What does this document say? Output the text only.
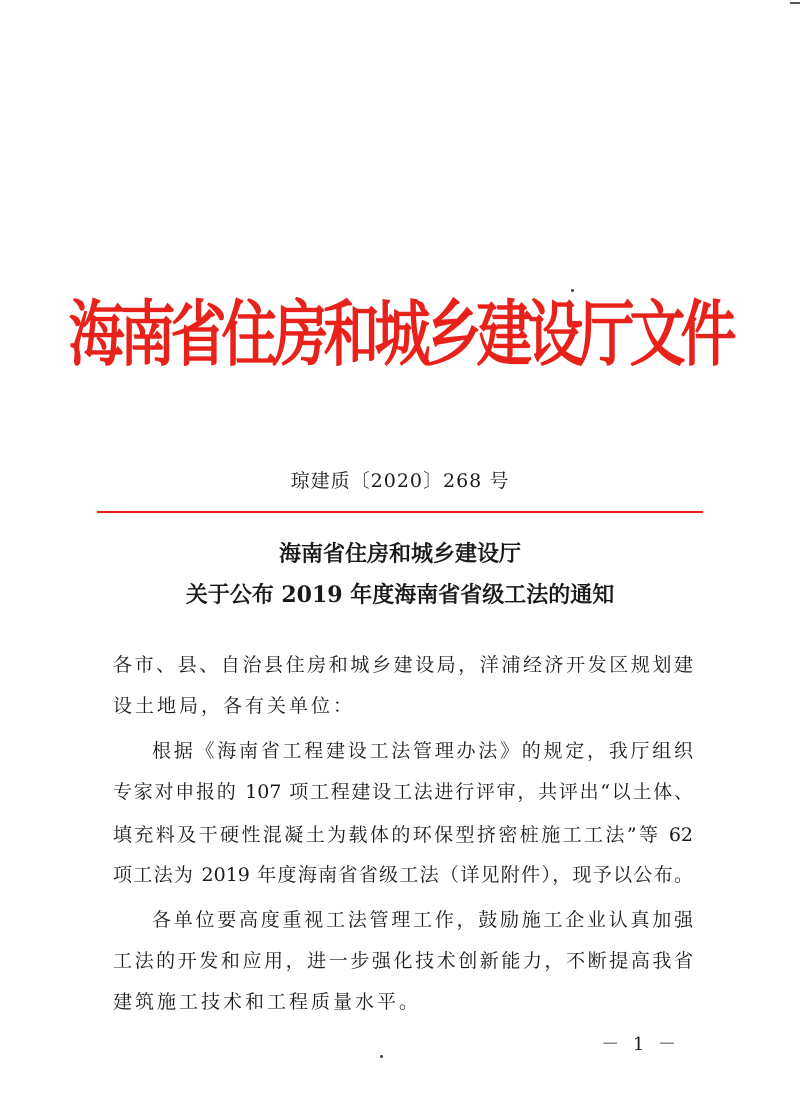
海南省住房和城乡建设厅文件
琼建质〔2020〕268 号
海南省住房和城乡建设厅
关于公布 2019 年度海南省省级工法的通知
各市、县、自治县住房和城乡建设局，洋浦经济开发区规划建
设土地局，各有关单位：
根据《海南省工程建设工法管理办法》的规定，我厅组织
专家对申报的 107 项工程建设工法进行评审，共评出“以土体、
填充料及干硬性混凝土为载体的环保型挤密桩施工工法”等 62
项工法为 2019 年度海南省省级工法（详见附件），现予以公布。
各单位要高度重视工法管理工作，鼓励施工企业认真加强
工法的开发和应用，进一步强化技术创新能力，不断提高我省
建筑施工技术和工程质量水平。
－ 1 －
